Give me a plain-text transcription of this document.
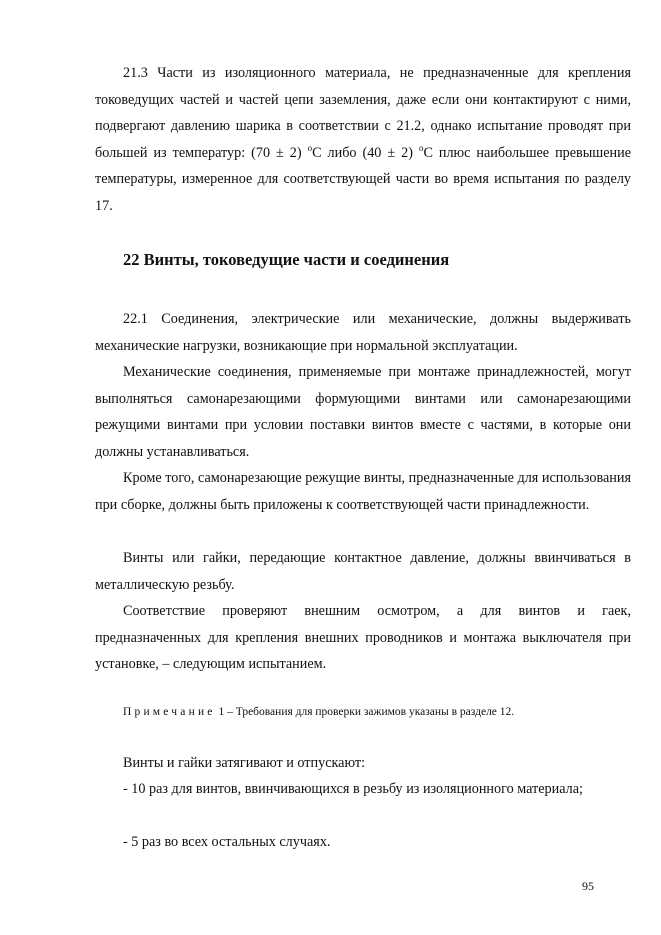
21.3 Части из изоляционного материала, не предназначенные для крепления токоведущих частей и частей цепи заземления, даже если они контактируют с ними, подвергают давлению шарика в соответствии с 21.2, однако испытание проводят при большей из температур: (70 ± 2) $^o$С либо (40 ± 2) $^o$С плюс наибольшее превышение температуры, измеренное для соответствующей части во время испытания по разделу 17.

22 Винты, токоведущие части и соединения

22.1 Соединения, электрические или механические, должны выдерживать механические нагрузки, возникающие при нормальной эксплуатации.

Механические соединения, применяемые при монтаже принадлежностей, могут выполняться самонарезающими формующими винтами или самонарезающими режущими винтами при условии поставки винтов вместе с частями, в которые они должны устанавливаться.

Кроме того, самонарезающие режущие винты, предназначенные для использования при сборке, должны быть приложены к соответствующей части принадлежности.

Винты или гайки, передающие контактное давление, должны ввинчиваться в металлическую резьбу.

Соответствие проверяют внешним осмотром, а для винтов и гаек, предназначенных для крепления внешних проводников и монтажа выключателя при установке, – следующим испытанием.

Примечание 1 – Требования для проверки зажимов указаны в разделе 12.

Винты и гайки затягивают и отпускают:

- 10 раз для винтов, ввинчивающихся в резьбу из изоляционного материала;

- 5 раз во всех остальных случаях.

95
